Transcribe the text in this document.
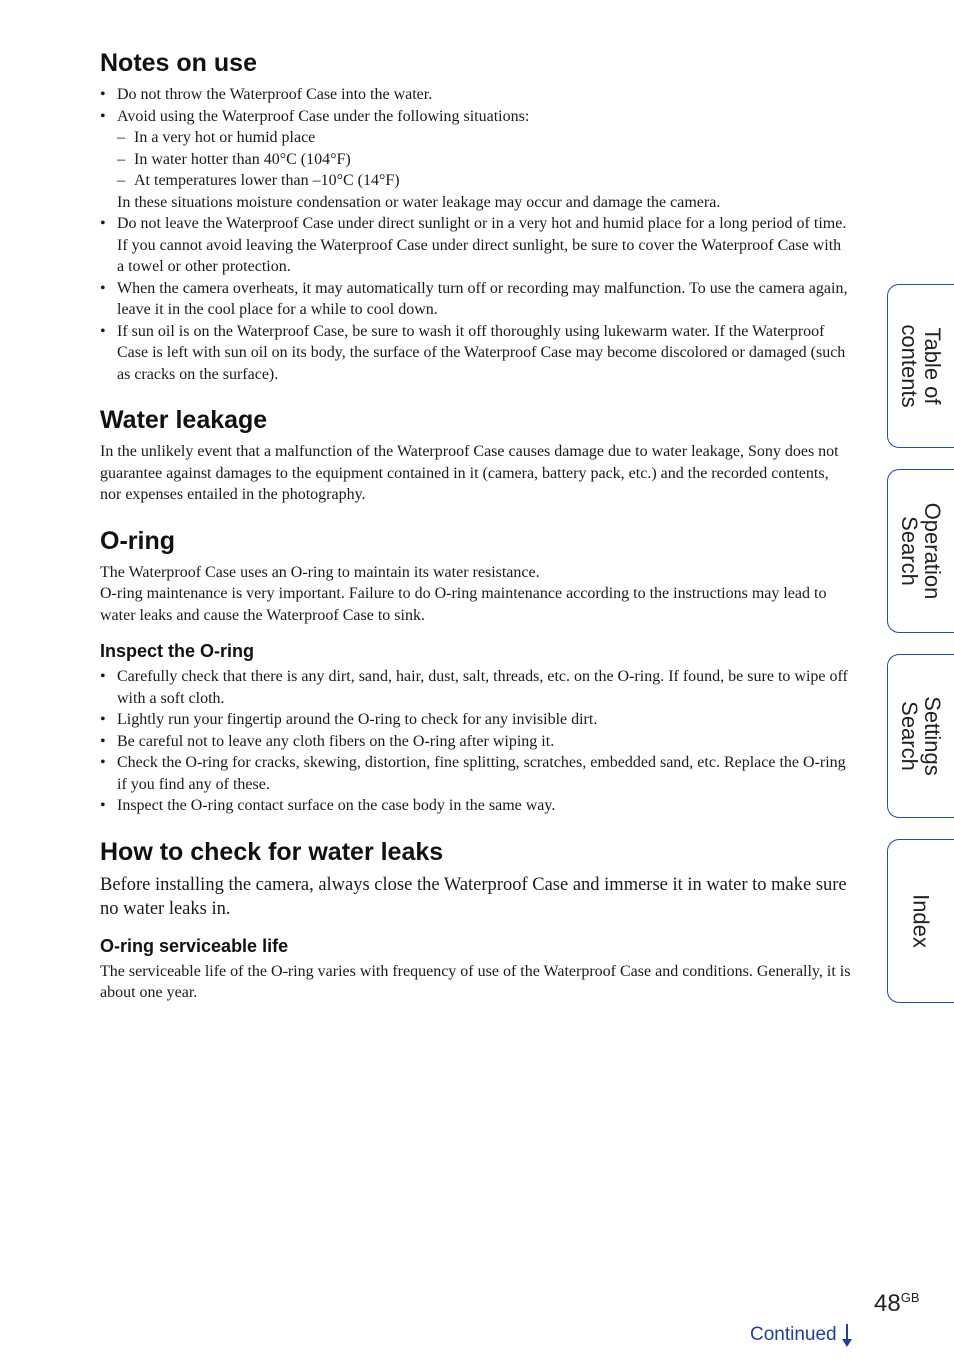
Notes on use
• Do not throw the Waterproof Case into the water.
• Avoid using the Waterproof Case under the following situations:
– In a very hot or humid place
– In water hotter than 40°C (104°F)
– At temperatures lower than –10°C (14°F)
In these situations moisture condensation or water leakage may occur and damage the camera.
• Do not leave the Waterproof Case under direct sunlight or in a very hot and humid place for a long period of time. If you cannot avoid leaving the Waterproof Case under direct sunlight, be sure to cover the Waterproof Case with a towel or other protection.
• When the camera overheats, it may automatically turn off or recording may malfunction. To use the camera again, leave it in the cool place for a while to cool down.
• If sun oil is on the Waterproof Case, be sure to wash it off thoroughly using lukewarm water. If the Waterproof Case is left with sun oil on its body, the surface of the Waterproof Case may become discolored or damaged (such as cracks on the surface).
Water leakage

In the unlikely event that a malfunction of the Waterproof Case causes damage due to water leakage, Sony does not guarantee against damages to the equipment contained in it (camera, battery pack, etc.) and the recorded contents, nor expenses entailed in the photography.

O-ring

The Waterproof Case uses an O-ring to maintain its water resistance.

O-ring maintenance is very important. Failure to do O-ring maintenance according to the instructions may lead to water leaks and cause the Waterproof Case to sink.

Inspect the O-ring
• Carefully check that there is any dirt, sand, hair, dust, salt, threads, etc. on the O-ring. If found, be sure to wipe off with a soft cloth.
• Lightly run your fingertip around the O-ring to check for any invisible dirt.
• Be careful not to leave any cloth fibers on the O-ring after wiping it.
• Check the O-ring for cracks, skewing, distortion, fine splitting, scratches, embedded sand, etc. Replace the O-ring if you find any of these.
• Inspect the O-ring contact surface on the case body in the same way.
How to check for water leaks

Before installing the camera, always close the Waterproof Case and immerse it in water to make sure no water leaks in.

O-ring serviceable life

The serviceable life of the O-ring varies with frequency of use of the Waterproof Case and conditions. Generally, it is about one year.

Table of
contents
Operation
Search
Settings
Search
Index
$48^{GB}$
Continued
